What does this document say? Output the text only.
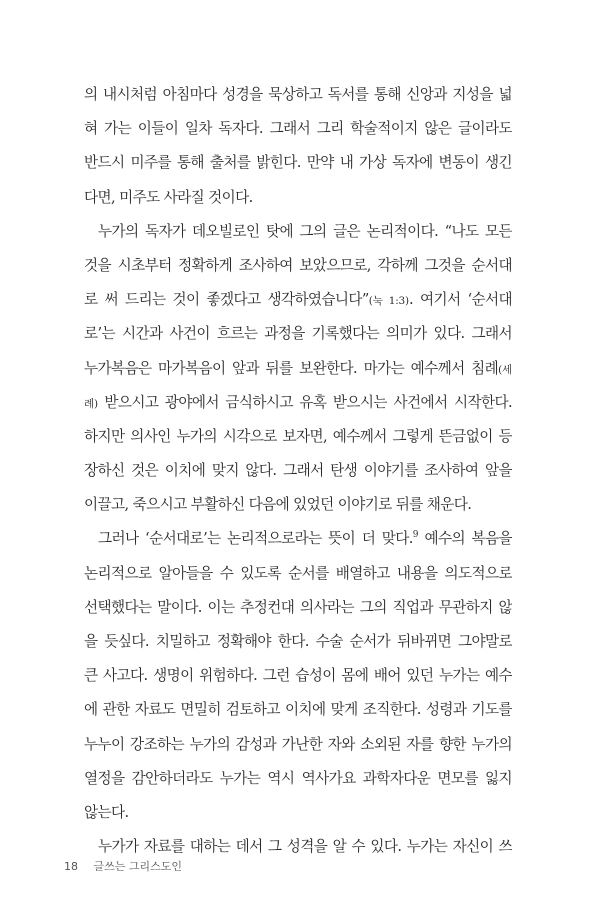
의 내시처럼 아침마다 성경을 묵상하고 독서를 통해 신앙과 지성을 넓
혀 가는 이들이 일차 독자다. 그래서 그리 학술적이지 않은 글이라도
반드시 미주를 통해 출처를 밝힌다. 만약 내 가상 독자에 변동이 생긴
다면, 미주도 사라질 것이다.
누가의 독자가 데오빌로인 탓에 그의 글은 논리적이다. “나도 모든
것을 시초부터 정확하게 조사하여 보았으므로, 각하께 그것을 순서대
로 써 드리는 것이 좋겠다고 생각하였습니다”(눅 1:3). 여기서 ‘순서대
로’는 시간과 사건이 흐르는 과정을 기록했다는 의미가 있다. 그래서
누가복음은 마가복음이 앞과 뒤를 보완한다. 마가는 예수께서 침례(세
례) 받으시고 광야에서 금식하시고 유혹 받으시는 사건에서 시작한다.
하지만 의사인 누가의 시각으로 보자면, 예수께서 그렇게 뜬금없이 등
장하신 것은 이치에 맞지 않다. 그래서 탄생 이야기를 조사하여 앞을
이끌고, 죽으시고 부활하신 다음에 있었던 이야기로 뒤를 채운다.
그러나 ‘순서대로’는 논리적으로라는 뜻이 더 맞다.$^9$ 예수의 복음을
논리적으로 알아들을 수 있도록 순서를 배열하고 내용을 의도적으로
선택했다는 말이다. 이는 추정컨대 의사라는 그의 직업과 무관하지 않
을 듯싶다. 치밀하고 정확해야 한다. 수술 순서가 뒤바뀌면 그야말로
큰 사고다. 생명이 위험하다. 그런 습성이 몸에 배어 있던 누가는 예수
에 관한 자료도 면밀히 검토하고 이치에 맞게 조직한다. 성령과 기도를
누누이 강조하는 누가의 감성과 가난한 자와 소외된 자를 향한 누가의
열정을 감안하더라도 누가는 역시 역사가요 과학자다운 면모를 잃지
않는다.
누가가 자료를 대하는 데서 그 성격을 알 수 있다. 누가는 자신이 쓰
18 글쓰는 그리스도인
